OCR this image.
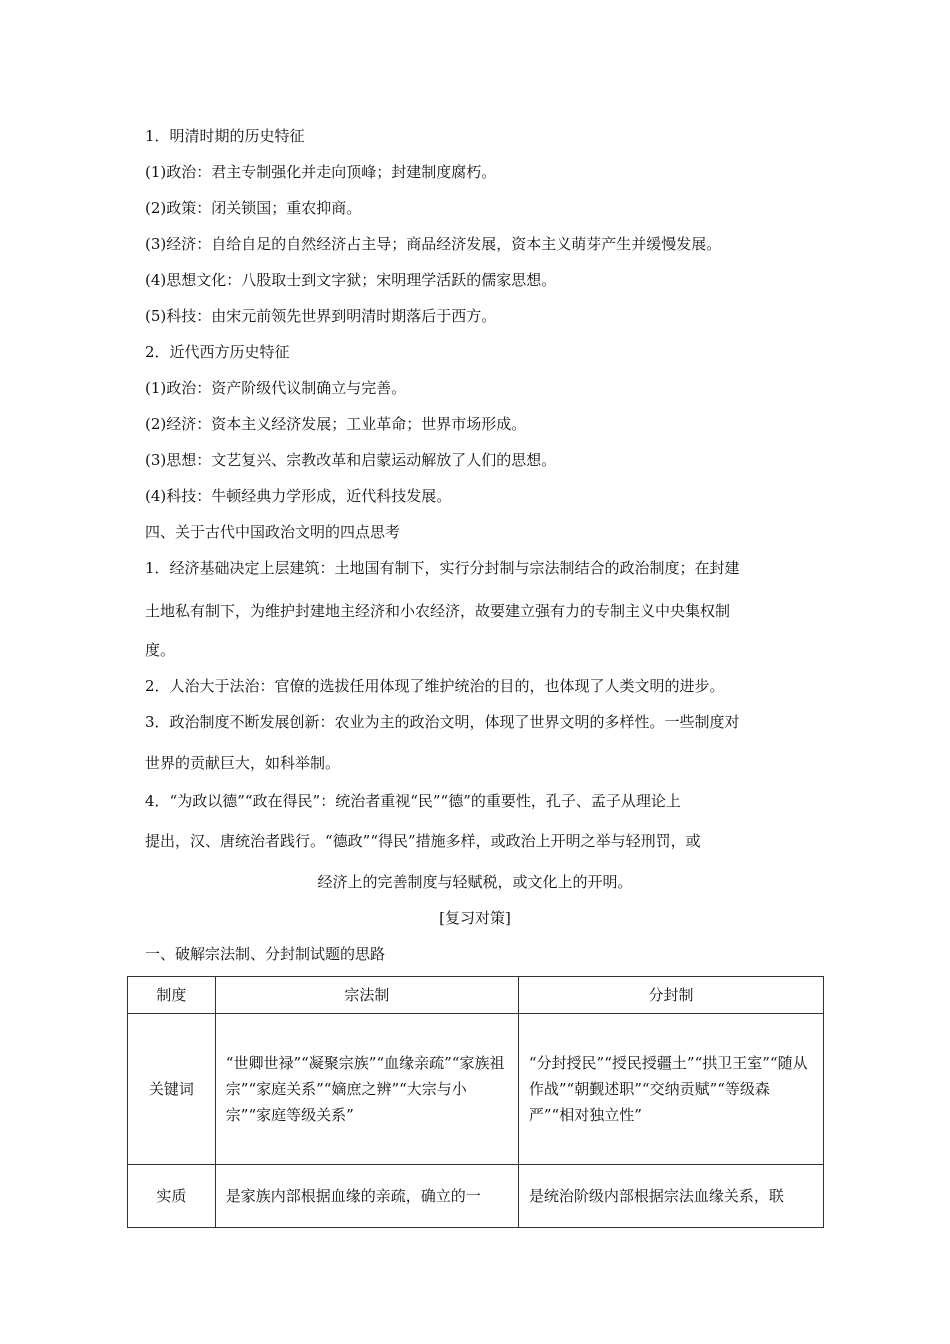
1．明清时期的历史特征
(1)政治：君主专制强化并走向顶峰；封建制度腐朽。
(2)政策：闭关锁国；重农抑商。
(3)经济：自给自足的自然经济占主导；商品经济发展，资本主义萌芽产生并缓慢发展。
(4)思想文化：八股取士到文字狱；宋明理学活跃的儒家思想。
(5)科技：由宋元前领先世界到明清时期落后于西方。
2．近代西方历史特征
(1)政治：资产阶级代议制确立与完善。
(2)经济：资本主义经济发展；工业革命；世界市场形成。
(3)思想：文艺复兴、宗教改革和启蒙运动解放了人们的思想。
(4)科技：牛顿经典力学形成，近代科技发展。
四、关于古代中国政治文明的四点思考
1．经济基础决定上层建筑：土地国有制下，实行分封制与宗法制结合的政治制度；在封建
土地私有制下，为维护封建地主经济和小农经济，故要建立强有力的专制主义中央集权制
度。
2．人治大于法治：官僚的选拔任用体现了维护统治的目的，也体现了人类文明的进步。
3．政治制度不断发展创新：农业为主的政治文明，体现了世界文明的多样性。一些制度对
世界的贡献巨大，如科举制。
4．“为政以德”“政在得民”：统治者重视“民”“德”的重要性，孔子、孟子从理论上
提出，汉、唐统治者践行。“德政”“得民”措施多样，或政治上开明之举与轻刑罚，或
经济上的完善制度与轻赋税，或文化上的开明。
[复习对策]
一、破解宗法制、分封制试题的思路
制度	宗法制	分封制
关键词	“世卿世禄”“凝聚宗族”“血缘亲疏”“家族祖宗”“家庭关系”“嫡庶之辨”“大宗与小宗”“家庭等级关系”	“分封授民”“授民授疆土”“拱卫王室”“随从作战”“朝觐述职”“交纳贡赋”“等级森严”“相对独立性”
实质	是家族内部根据血缘的亲疏，确立的一	是统治阶级内部根据宗法血缘关系，联
